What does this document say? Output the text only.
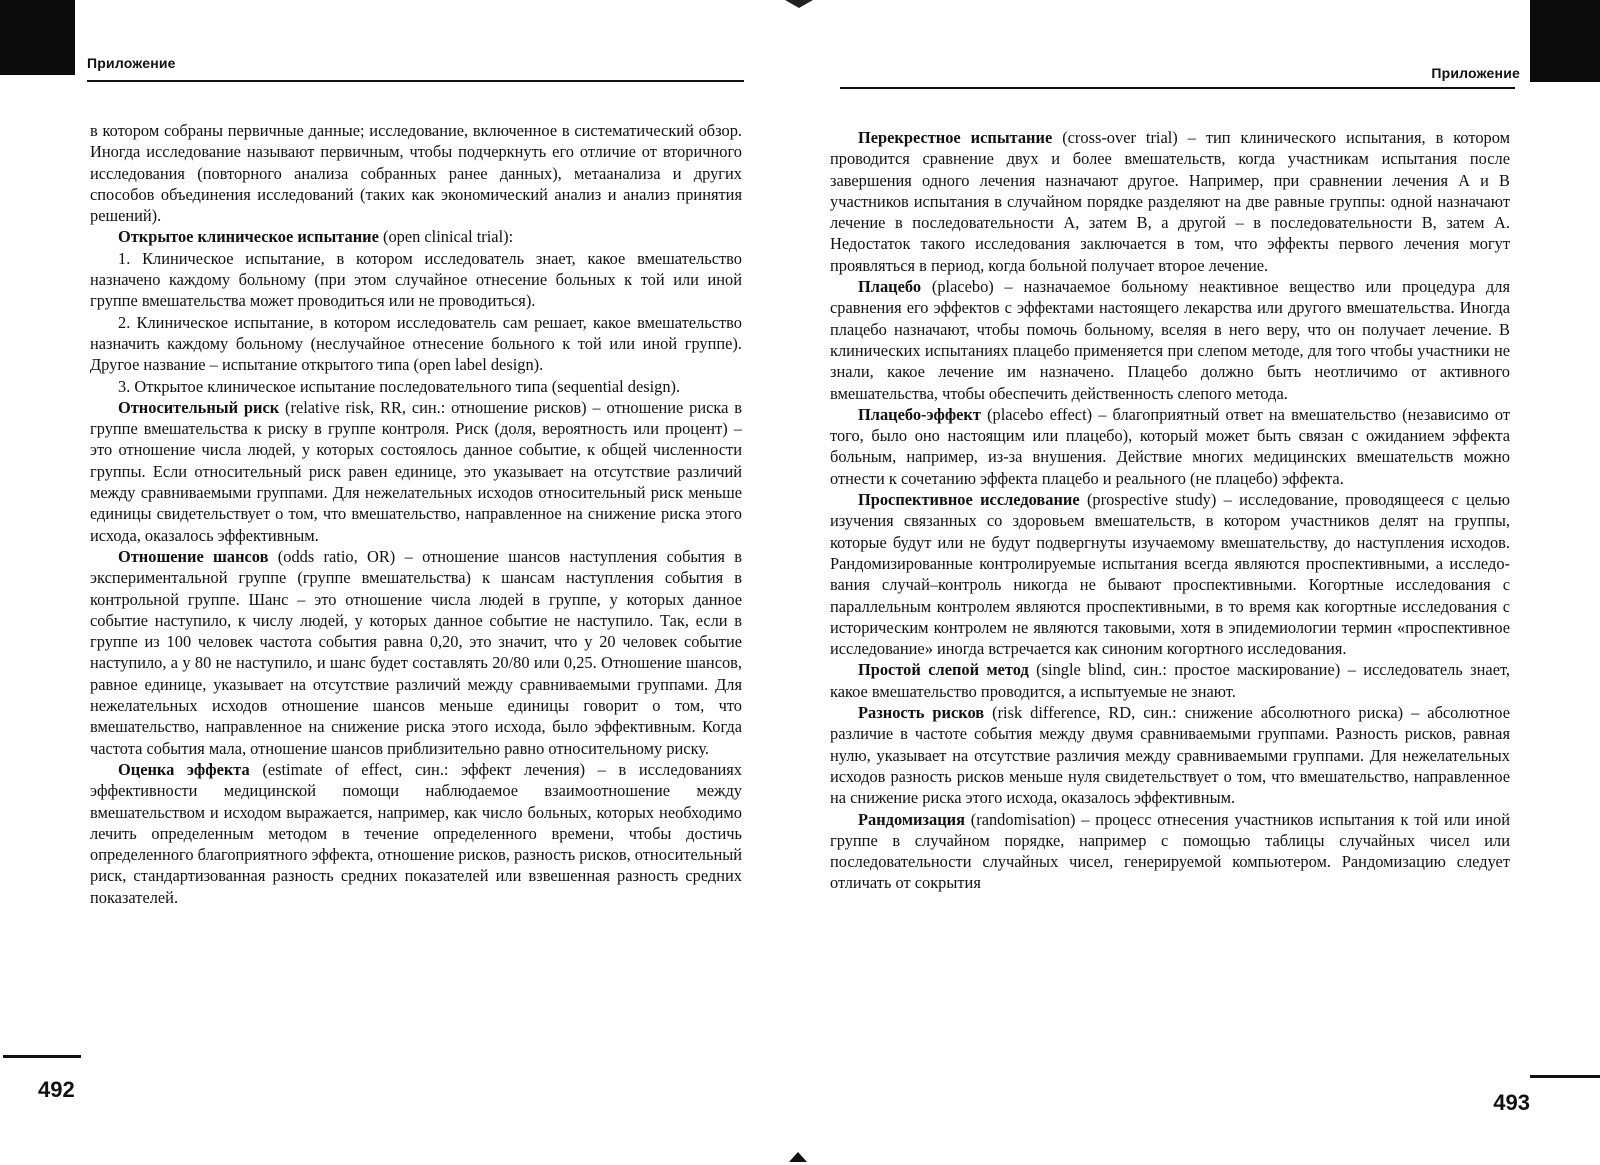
Приложение

в котором собраны первичные данные; исследование, включенное в систематический обзор. Иногда исследование называют первичным, чтобы подчеркнуть его отличие от вторичного исследования (повторного анализа собранных ранее данных), метаанализа и других способов объединения исследований (таких как экономический анализ и анализ принятия решений).

Открытое клиническое испытание (open clinical trial):

1. Клиническое испытание, в котором исследователь знает, какое вмешательство назначено каждому больному (при этом случайное отнесение больных к той или иной группе вмешательства может проводиться или не проводиться).

2. Клиническое испытание, в котором исследователь сам решает, какое вмешательство назначить каждому больному (неслучайное отнесение больного к той или иной группе). Другое название – испытание открытого типа (open label design).

3. Открытое клиническое испытание последовательного типа (sequential design).

Относительный риск (relative risk, RR, син.: отношение рисков) – отношение риска в группе вмешательства к риску в группе контроля. Риск (доля, вероятность или процент) – это отношение числа людей, у которых состоялось данное событие, к общей численности группы. Если относительный риск равен единице, это указывает на отсутствие различий между сравниваемыми группами. Для нежелательных исходов относительный риск меньше единицы свидетельствует о том, что вмешательство, направленное на снижение риска этого исхода, оказалось эффективным.

Отношение шансов (odds ratio, OR) – отношение шансов наступления события в экспериментальной группе (группе вмешательства) к шансам наступления события в контрольной группе. Шанс – это отношение числа людей в группе, у которых данное событие наступило, к числу людей, у которых данное событие не наступило. Так, если в группе из 100 человек частота события равна 0,20, это значит, что у 20 человек событие наступило, а у 80 не наступило, и шанс будет составлять 20/80 или 0,25. Отношение шансов, равное единице, указывает на отсутствие различий между сравниваемыми группами. Для нежелательных исходов отношение шансов меньше единицы говорит о том, что вмешательство, направленное на снижение риска этого исхода, было эффективным. Когда частота события мала, отношение шансов приблизительно равно относительному риску.

Оценка эффекта (estimate of effect, син.: эффект лечения) – в исследованиях эффективности медицинской помощи наблюдаемое взаимоотношение между вмешательством и исходом выражается, например, как число больных, которых необходимо лечить определенным методом в течение определенного времени, чтобы достичь определенного благоприятного эффекта, отношение рисков, разность рисков, относительный риск, стандартизованная разность средних показателей или взвешенная разность средних показателей.

492
Приложение

Перекрестное испытание (cross-over trial) – тип клинического испытания, в котором проводится сравнение двух и более вмешательств, когда участникам испытания после завершения одного лечения назначают другое. Например, при сравнении лечения А и В участников испытания в случайном порядке разделяют на две равные группы: одной назначают лечение в последовательности А, затем В, а другой – в последовательности В, затем А. Недостаток такого исследования заключается в том, что эффекты первого лечения могут проявляться в период, когда больной получает второе лечение.

Плацебо (placebo) – назначаемое больному неактивное вещество или процедура для сравнения его эффектов с эффектами настоящего лекарства или другого вмешательства. Иногда плацебо назначают, чтобы помочь больному, вселяя в него веру, что он получает лечение. В клинических испытаниях плацебо применяется при слепом методе, для того чтобы участники не знали, какое лечение им назначено. Плацебо должно быть неотличимо от активного вмешательства, чтобы обеспечить действенность слепого метода.

Плацебо-эффект (placebo effect) – благоприятный ответ на вмешательство (независимо от того, было оно настоящим или плацебо), который может быть связан с ожиданием эффекта больным, например, из-за внушения. Действие многих медицинских вмешательств можно отнести к сочетанию эффекта плацебо и реального (не плацебо) эффекта.

Проспективное исследование (prospective study) – исследование, проводящееся с целью изучения связанных со здоровьем вмешательств, в котором участников делят на группы, которые будут или не будут подвергнуты изучаемому вмешательству, до наступления исходов. Рандомизированные контролируемые испытания всегда являются проспективными, а исследования случай–контроль никогда не бывают проспективными. Когортные исследования с параллельным контролем являются проспективными, в то время как когортные исследования с историческим контролем не являются таковыми, хотя в эпидемиологии термин «проспективное исследование» иногда встречается как синоним когортного исследования.

Простой слепой метод (single blind, син.: простое маскирование) – исследователь знает, какое вмешательство проводится, а испытуемые не знают.

Разность рисков (risk difference, RD, син.: снижение абсолютного риска) – абсолютное различие в частоте события между двумя сравниваемыми группами. Разность рисков, равная нулю, указывает на отсутствие различия между сравниваемыми группами. Для нежелательных исходов разность рисков меньше нуля свидетельствует о том, что вмешательство, направленное на снижение риска этого исхода, оказалось эффективным.

Рандомизация (randomisation) – процесс отнесения участников испытания к той или иной группе в случайном порядке, например с помощью таблицы случайных чисел или последовательности случайных чисел, генерируемой компьютером. Рандомизацию следует отличать от сокрытия

493
